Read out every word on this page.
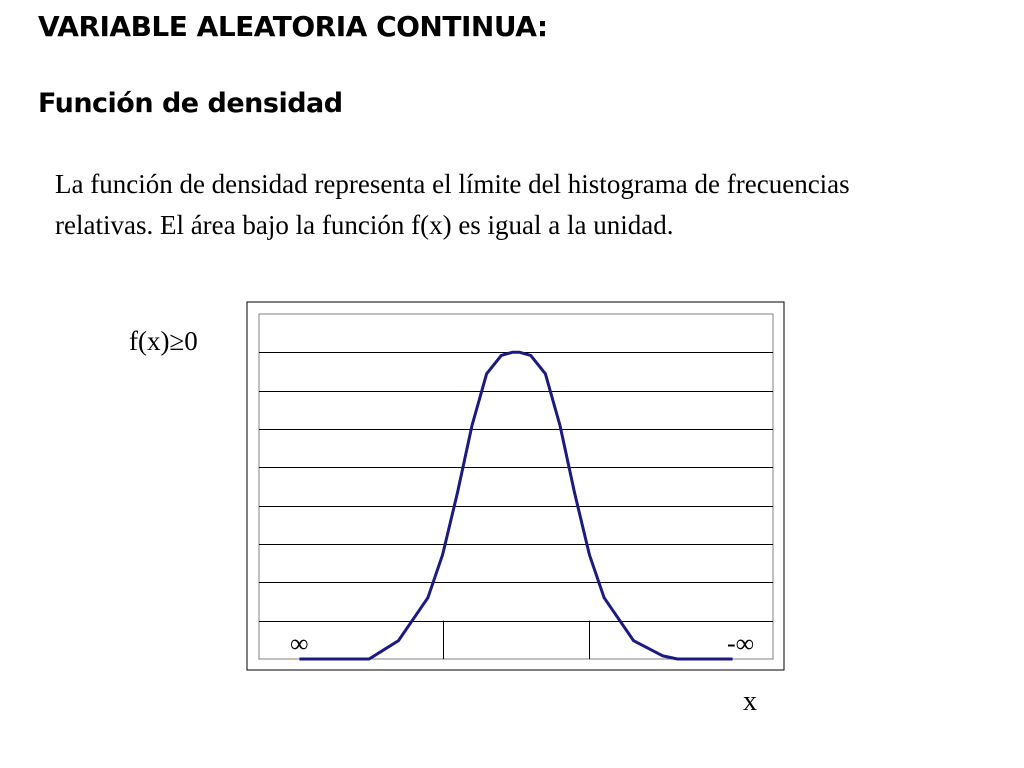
VARIABLE ALEATORIA CONTINUA:
Función de densidad

La función de densidad representa el límite del histograma de frecuencias relativas. El área bajo la función f(x) es igual a la unidad.

f(x)≥0
∞	-∞
x
